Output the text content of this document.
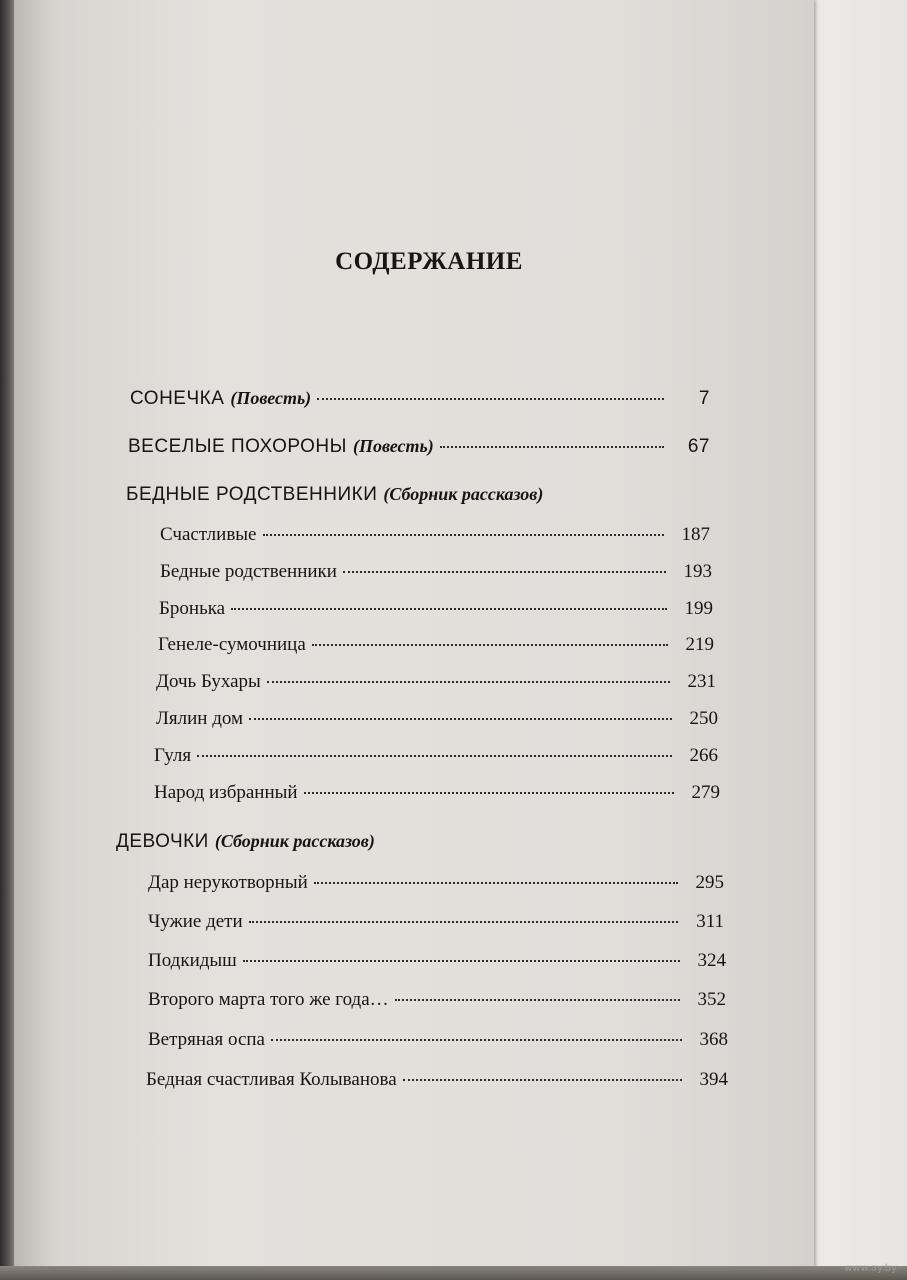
СОДЕРЖАНИЕ
СОНЕЧКА (Повесть)	7
ВЕСЕЛЫЕ ПОХОРОНЫ (Повесть)	67
БЕДНЫЕ РОДСТВЕННИКИ (Сборник рассказов)
Счастливые	187
Бедные родственники	193
Бронька	199
Генеле-сумочница	219
Дочь Бухары	231
Лялин дом	250
Гуля	266
Народ избранный	279
ДЕВОЧКИ (Сборник рассказов)
Дар нерукотворный	295
Чужие дети	311
Подкидыш	324
Второго марта того же года…	352
Ветряная оспа	368
Бедная счастливая Колыванова	394
www.ay.by
